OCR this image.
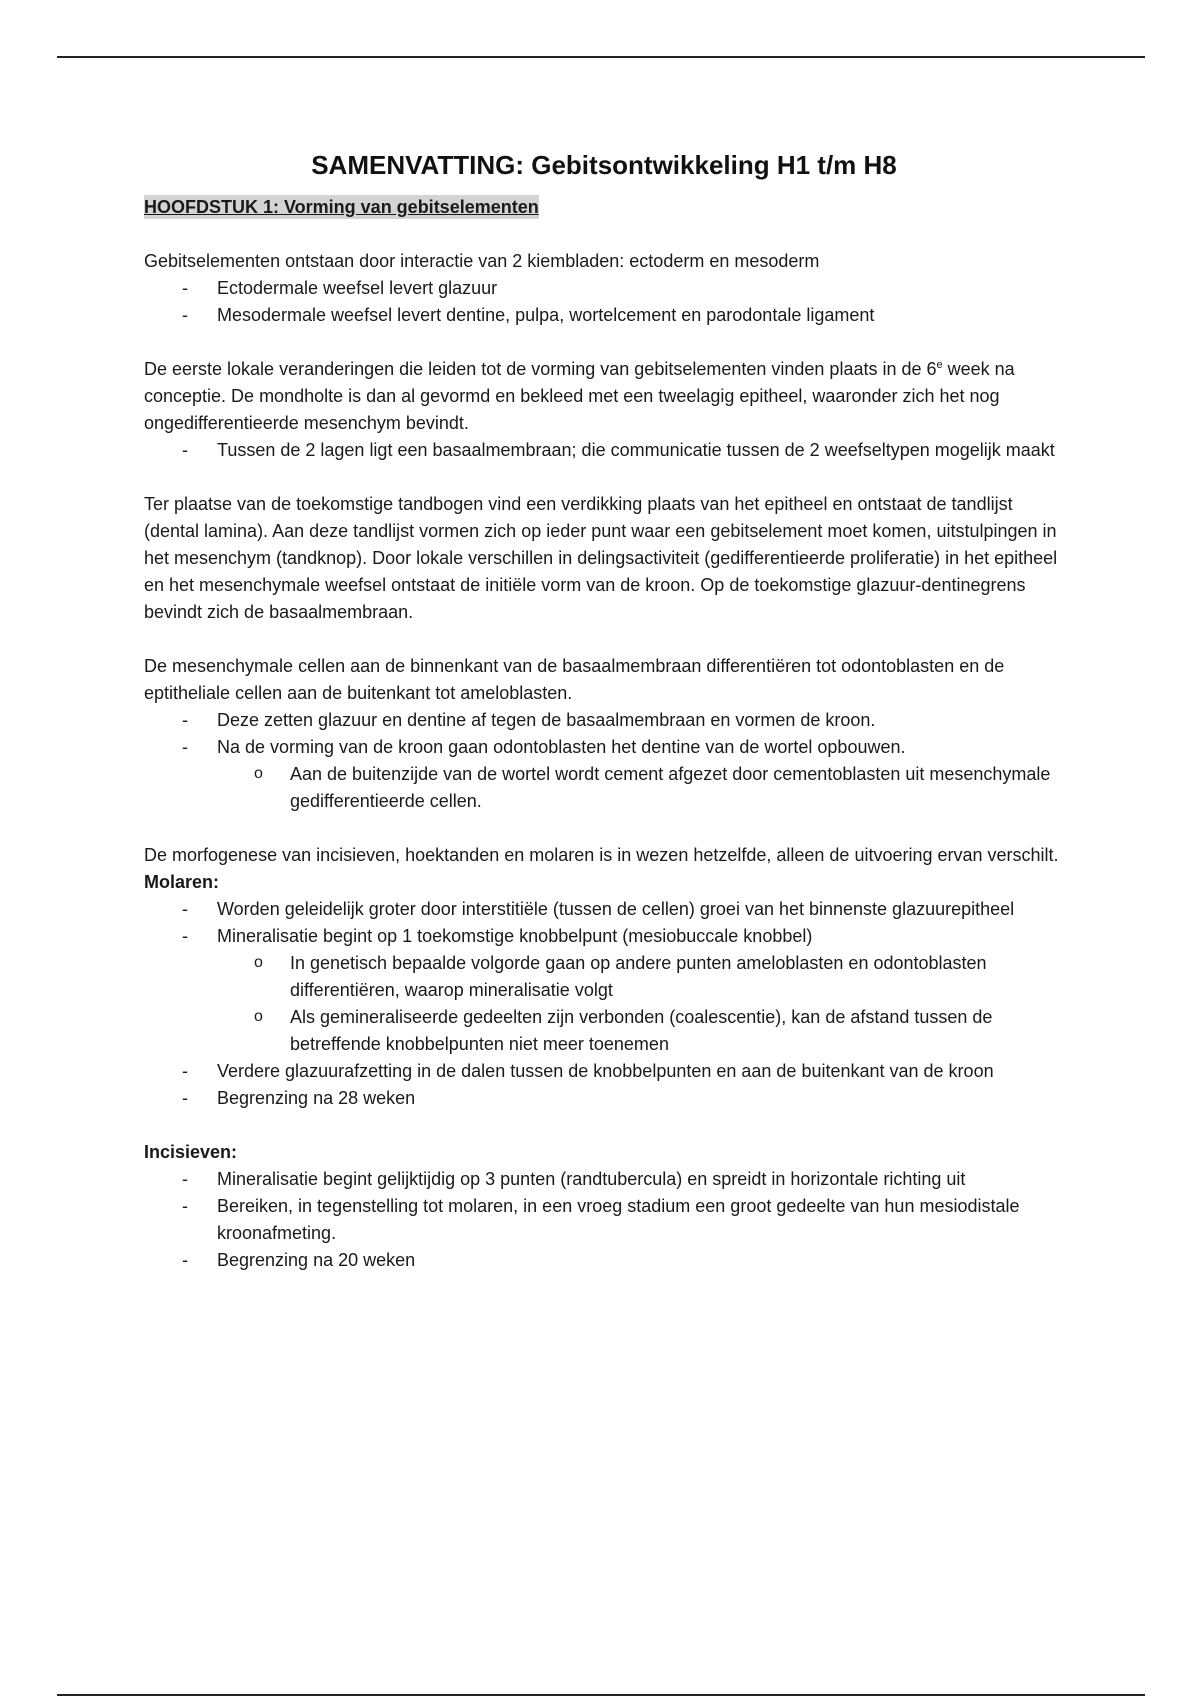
SAMENVATTING: Gebitsontwikkeling H1 t/m H8
HOOFDSTUK 1: Vorming van gebitselementen

Gebitselementen ontstaan door interactie van 2 kiembladen: ectoderm en mesoderm

- Ectodermale weefsel levert glazuur
- Mesodermale weefsel levert dentine, pulpa, wortelcement en parodontale ligament

De eerste lokale veranderingen die leiden tot de vorming van gebitselementen vinden plaats in de 6e week na conceptie. De mondholte is dan al gevormd en bekleed met een tweelagig epitheel, waaronder zich het nog ongedifferentieerde mesenchym bevindt.

- Tussen de 2 lagen ligt een basaalmembraan; die communicatie tussen de 2 weefseltypen mogelijk maakt

Ter plaatse van de toekomstige tandbogen vind een verdikking plaats van het epitheel en ontstaat de tandlijst (dental lamina). Aan deze tandlijst vormen zich op ieder punt waar een gebitselement moet komen, uitstulpingen in het mesenchym (tandknop). Door lokale verschillen in delingsactiviteit (gedifferentieerde proliferatie) in het epitheel en het mesenchymale weefsel ontstaat de initiële vorm van de kroon. Op de toekomstige glazuur-dentinegrens bevindt zich de basaalmembraan.

De mesenchymale cellen aan de binnenkant van de basaalmembraan differentiëren tot odontoblasten en de eptitheliale cellen aan de buitenkant tot ameloblasten.

- Deze zetten glazuur en dentine af tegen de basaalmembraan en vormen de kroon.
- Na de vorming van de kroon gaan odontoblasten het dentine van de wortel opbouwen.
o Aan de buitenzijde van de wortel wordt cement afgezet door cementoblasten uit mesenchymale gedifferentieerde cellen.

De morfogenese van incisieven, hoektanden en molaren is in wezen hetzelfde, alleen de uitvoering ervan verschilt.

Molaren:

- Worden geleidelijk groter door interstitiële (tussen de cellen) groei van het binnenste glazuurepitheel
- Mineralisatie begint op 1 toekomstige knobbelpunt (mesiobuccale knobbel)
o In genetisch bepaalde volgorde gaan op andere punten ameloblasten en odontoblasten differentiëren, waarop mineralisatie volgt
o Als gemineraliseerde gedeelten zijn verbonden (coalescentie), kan de afstand tussen de betreffende knobbelpunten niet meer toenemen
- Verdere glazuurafzetting in de dalen tussen de knobbelpunten en aan de buitenkant van de kroon
- Begrenzing na 28 weken

Incisieven:

- Mineralisatie begint gelijktijdig op 3 punten (randtubercula) en spreidt in horizontale richting uit
- Bereiken, in tegenstelling tot molaren, in een vroeg stadium een groot gedeelte van hun mesiodistale kroonafmeting.
- Begrenzing na 20 weken
